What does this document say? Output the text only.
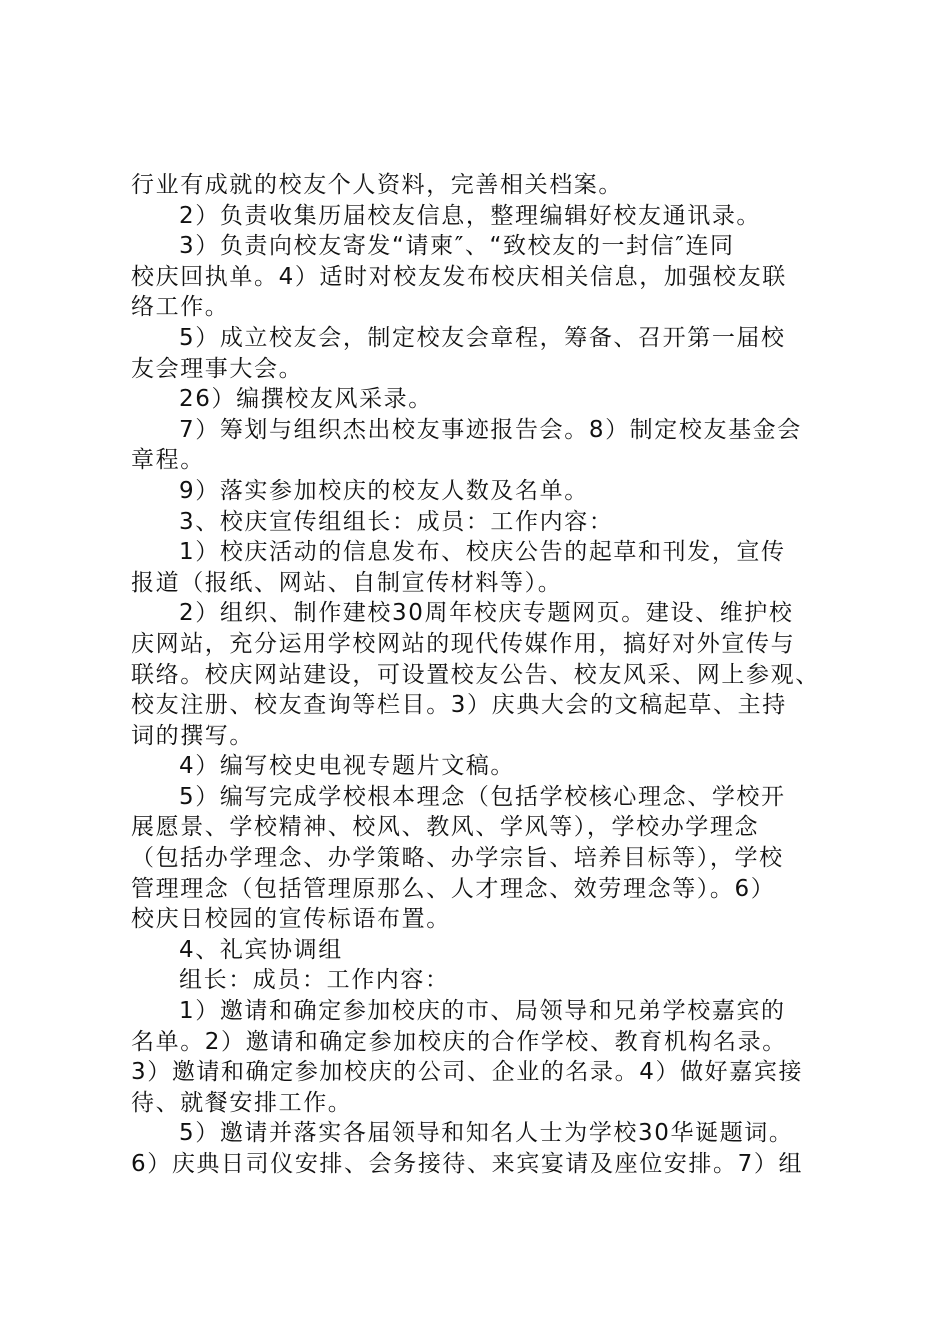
行业有成就的校友个人资料，完善相关档案。
2）负责收集历届校友信息，整理编辑好校友通讯录。
3）负责向校友寄发“请柬″、“致校友的一封信″连同
校庆回执单。4）适时对校友发布校庆相关信息，加强校友联
络工作。
5）成立校友会，制定校友会章程，筹备、召开第一届校
友会理事大会。
26）编撰校友风采录。
7）筹划与组织杰出校友事迹报告会。8）制定校友基金会
章程。
9）落实参加校庆的校友人数及名单。
3、校庆宣传组组长：成员：工作内容：
1）校庆活动的信息发布、校庆公告的起草和刊发，宣传
报道（报纸、网站、自制宣传材料等）。
2）组织、制作建校30周年校庆专题网页。建设、维护校
庆网站，充分运用学校网站的现代传媒作用，搞好对外宣传与
联络。校庆网站建设，可设置校友公告、校友风采、网上参观、
校友注册、校友查询等栏目。3）庆典大会的文稿起草、主持
词的撰写。
4）编写校史电视专题片文稿。
5）编写完成学校根本理念（包括学校核心理念、学校开
展愿景、学校精神、校风、教风、学风等），学校办学理念
（包括办学理念、办学策略、办学宗旨、培养目标等），学校
管理理念（包括管理原那么、人才理念、效劳理念等）。6）
校庆日校园的宣传标语布置。
4、礼宾协调组
组长：成员：工作内容：
1）邀请和确定参加校庆的市、局领导和兄弟学校嘉宾的
名单。2）邀请和确定参加校庆的合作学校、教育机构名录。
3）邀请和确定参加校庆的公司、企业的名录。4）做好嘉宾接
待、就餐安排工作。
5）邀请并落实各届领导和知名人士为学校30华诞题词。
6）庆典日司仪安排、会务接待、来宾宴请及座位安排。7）组
